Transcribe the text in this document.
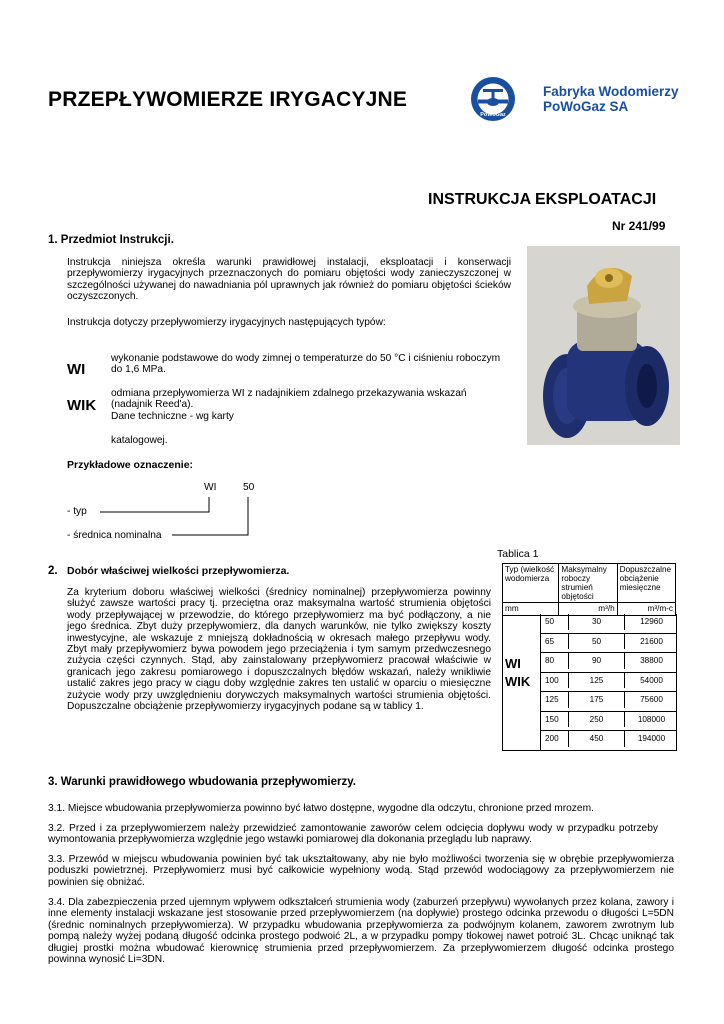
PRZEPŁYWOMIERZE IRYGACYJNE
PoWoGaz
Fabryka Wodomierzy
PoWoGaz SA
INSTRUKCJA EKSPLOATACJI
Nr 241/99
1. Przedmiot Instrukcji.
Instrukcja niniejsza określa warunki prawidłowej instalacji, eksploatacji i konserwacji przepływomierzy irygacyjnych przeznaczonych do pomiaru objętości wody zanieczyszczonej w szczególności używanej do nawadniania pól uprawnych jak również do pomiaru objętości ścieków oczyszczonych.
Instrukcja dotyczy przepływomierzy irygacyjnych następujących typów:
WI
wykonanie podstawowe do wody zimnej o temperaturze do 50 °C i ciśnieniu roboczym do 1,6 MPa.
WIK
odmiana przepływomierza WI z nadajnikiem zdalnego przekazywania wskazań (nadajnik Reed'a).
Dane techniczne - wg karty
katalogowej.
Przykładowe oznaczenie:
WI	50
- typ
- średnica nominalna
2. Dobór właściwej wielkości przepływomierza.
Za kryterium doboru właściwej wielkości (średnicy nominalnej) przepływomierza powinny służyć zawsze wartości pracy tj. przeciętna oraz maksymalna wartość strumienia objętości wody przepływającej w przewodzie, do którego przepływomierz ma być podłączony, a nie jego średnica. Zbyt duży przepływomierz, dla danych warunków, nie tylko zwiększy koszty inwestycyjne, ale wskazuje z mniejszą dokładnością w okresach małego przepływu wody. Zbyt mały przepływomierz bywa powodem jego przeciążenia i tym samym przedwczesnego zużycia części czynnych. Stąd, aby zainstalowany przepływomierz pracował właściwie w granicach jego zakresu pomiarowego i dopuszczalnych błędów wskazań, należy wnikliwie ustalić zakres jego pracy w ciągu doby względnie zakres ten ustalić w oparciu o miesięczne zużycie wody przy uwzględnieniu dorywczych maksymalnych wartości strumienia objętości. Dopuszczalne obciążenie przepływomierzy irygacyjnych podane są w tablicy 1.
Tablica 1
Typ (wielkość wodomierza	Maksymalny roboczy strumień objętości	Dopuszczalne obciążenie miesięczne
mm	m³/h	m³/m-c
WI
WIK
50	30	12960
65	50	21600
80	90	38800
100	125	54000
125	175	75600
150	250	108000
200	450	194000
3. Warunki prawidłowego wbudowania przepływomierzy.
3.1. Miejsce wbudowania przepływomierza powinno być łatwo dostępne, wygodne dla odczytu, chronione przed mrozem.
3.2. Przed i za przepływomierzem należy przewidzieć zamontowanie zaworów celem odcięcia dopływu wody w przypadku potrzeby wymontowania przepływomierza względnie jego wstawki pomiarowej dla dokonania przeglądu lub naprawy.
3.3. Przewód w miejscu wbudowania powinien być tak ukształtowany, aby nie było możliwości tworzenia się w obrębie przepływomierza poduszki powietrznej. Przepływomierz musi być całkowicie wypełniony wodą. Stąd przewód wodociągowy za przepływomierzem nie powinien się obniżać.
3.4. Dla zabezpieczenia przed ujemnym wpływem odkształceń strumienia wody (zaburzeń przepływu) wywołanych przez kolana, zawory i inne elementy instalacji wskazane jest stosowanie przed przepływomierzem (na dopływie) prostego odcinka przewodu o długości L=5DN (średnic nominalnych przepływomierza). W przypadku wbudowania przepływomierza za podwójnym kolanem, zaworem zwrotnym lub pompą należy wyżej podaną długość odcinka prostego podwoić 2L, a w przypadku pompy tłokowej nawet potroić 3L. Chcąc uniknąć tak długiej prostki można wbudować kierownicę strumienia przed przepływomierzem. Za przepływomierzem długość odcinka prostego powinna wynosić Li=3DN.
